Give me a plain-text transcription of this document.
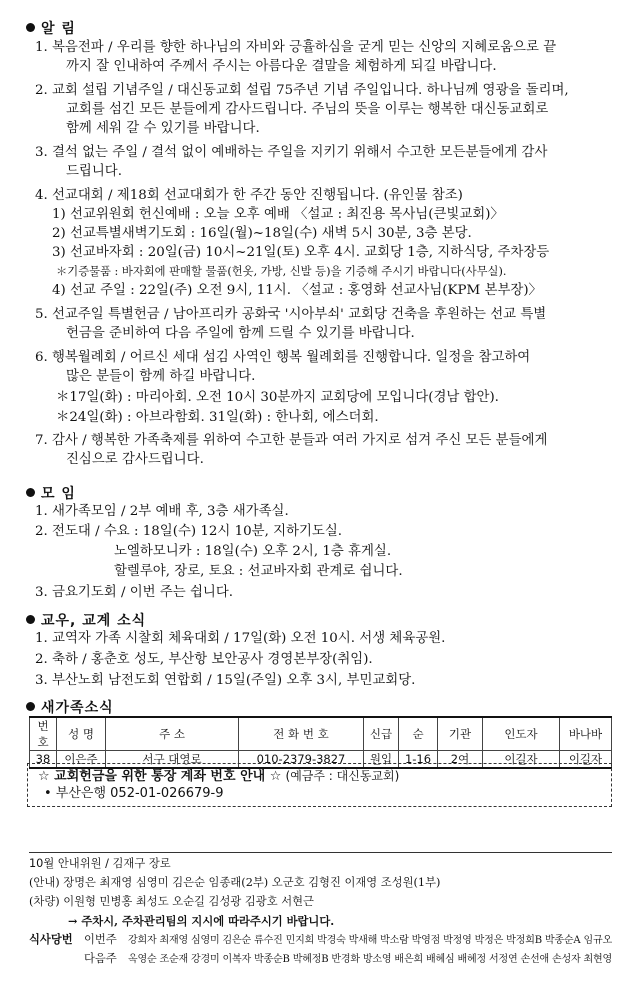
알 림
1. 복음전파 / 우리를 향한 하나님의 자비와 긍휼하심을 굳게 믿는 신앙의 지혜로움으로 끝
까지 잘 인내하여 주께서 주시는 아름다운 결말을 체험하게 되길 바랍니다.
2. 교회 설립 기념주일 / 대신동교회 설립 75주년 기념 주일입니다. 하나님께 영광을 돌리며,
교회를 섬긴 모든 분들에게 감사드립니다. 주님의 뜻을 이루는 행복한 대신동교회로
함께 세워 갈 수 있기를 바랍니다.
3. 결석 없는 주일 / 결석 없이 예배하는 주일을 지키기 위해서 수고한 모든분들에게 감사
드립니다.
4. 선교대회 / 제18회 선교대회가 한 주간 동안 진행됩니다. (유인물 참조)
1) 선교위원회 헌신예배 : 오늘 오후 예배 〈설교 : 최진용 목사님(큰빛교회)〉
2) 선교특별새벽기도회 : 16일(월)~18일(수) 새벽 5시 30분, 3층 본당.
3) 선교바자회 : 20일(금) 10시~21일(토) 오후 4시. 교회당 1층, 지하식당, 주차장등
＊기증물품 : 바자회에 판매할 물품(헌옷, 가방, 신발 등)을 기증해 주시기 바랍니다(사무실).
4) 선교 주일 : 22일(주) 오전 9시, 11시. 〈설교 : 홍영화 선교사님(KPM 본부장)〉
5. 선교주일 특별헌금 / 남아프리카 공화국 '시아부쇠' 교회당 건축을 후원하는 선교 특별
헌금을 준비하여 다음 주일에 함께 드릴 수 있기를 바랍니다.
6. 행복월례회 / 어르신 세대 섬김 사역인 행복 월례회를 진행합니다. 일정을 참고하여
많은 분들이 함께 하길 바랍니다.
＊17일(화) : 마리아회. 오전 10시 30분까지 교회당에 모입니다(경남 합안).
＊24일(화) : 아브라함회. 31일(화) : 한나회, 에스더회.
7. 감사 / 행복한 가족축제를 위하여 수고한 분들과 여러 가지로 섬겨 주신 모든 분들에게
진심으로 감사드립니다.
모 임
1. 새가족모임 / 2부 예배 후, 3층 새가족실.
2. 전도대 / 수요 : 18일(수) 12시 10분, 지하기도실.
노엘하모니카 : 18일(수) 오후 2시, 1층 휴게실.
할렐루야, 장로, 토요 : 선교바자회 관계로 쉽니다.
3. 금요기도회 / 이번 주는 쉽니다.
교우, 교계 소식
1. 교역자 가족 시찰회 체육대회 / 17일(화) 오전 10시. 서생 체육공원.
2. 축하 / 홍춘호 성도, 부산항 보안공사 경영본부장(취임).
3. 부산노회 남전도회 연합회 / 15일(주일) 오후 3시, 부민교회당.
새가족소식
번호	성 명	주 소	전 화 번 호	신급	순	기관	인도자	바나바
38	이은주	서구 대영로	010-2379-3827	원입	1-16	2여	이길자	이길자
☆ 교회헌금을 위한 통장 계좌 번호 안내 ☆ (예금주 : 대신동교회)
• 부산은행 052-01-026679-9
10월 안내위원 / 김재구 장로
(안내) 장명은 최재영 심영미 김은순 임종래(2부) 오군호 김형진 이재영 조성원(1부)
(차량) 이원형 민병홍 최성도 오순길 김성광 김광호 서현근
→ 주차시, 주차관리팀의 지시에 따라주시기 바랍니다.
식사당번 이번주 강희자 최재영 심영미 김은순 류수진 민지희 박경숙 박새해 박소람 박영점 박정영 박정은 박정희B 박종순A 임규오
다음주 옥영순 조순재 강경미 이복자 박종순B 박혜정B 반경화 방소영 배은희 배혜심 배혜정 서정연 손선애 손성자 최현영
